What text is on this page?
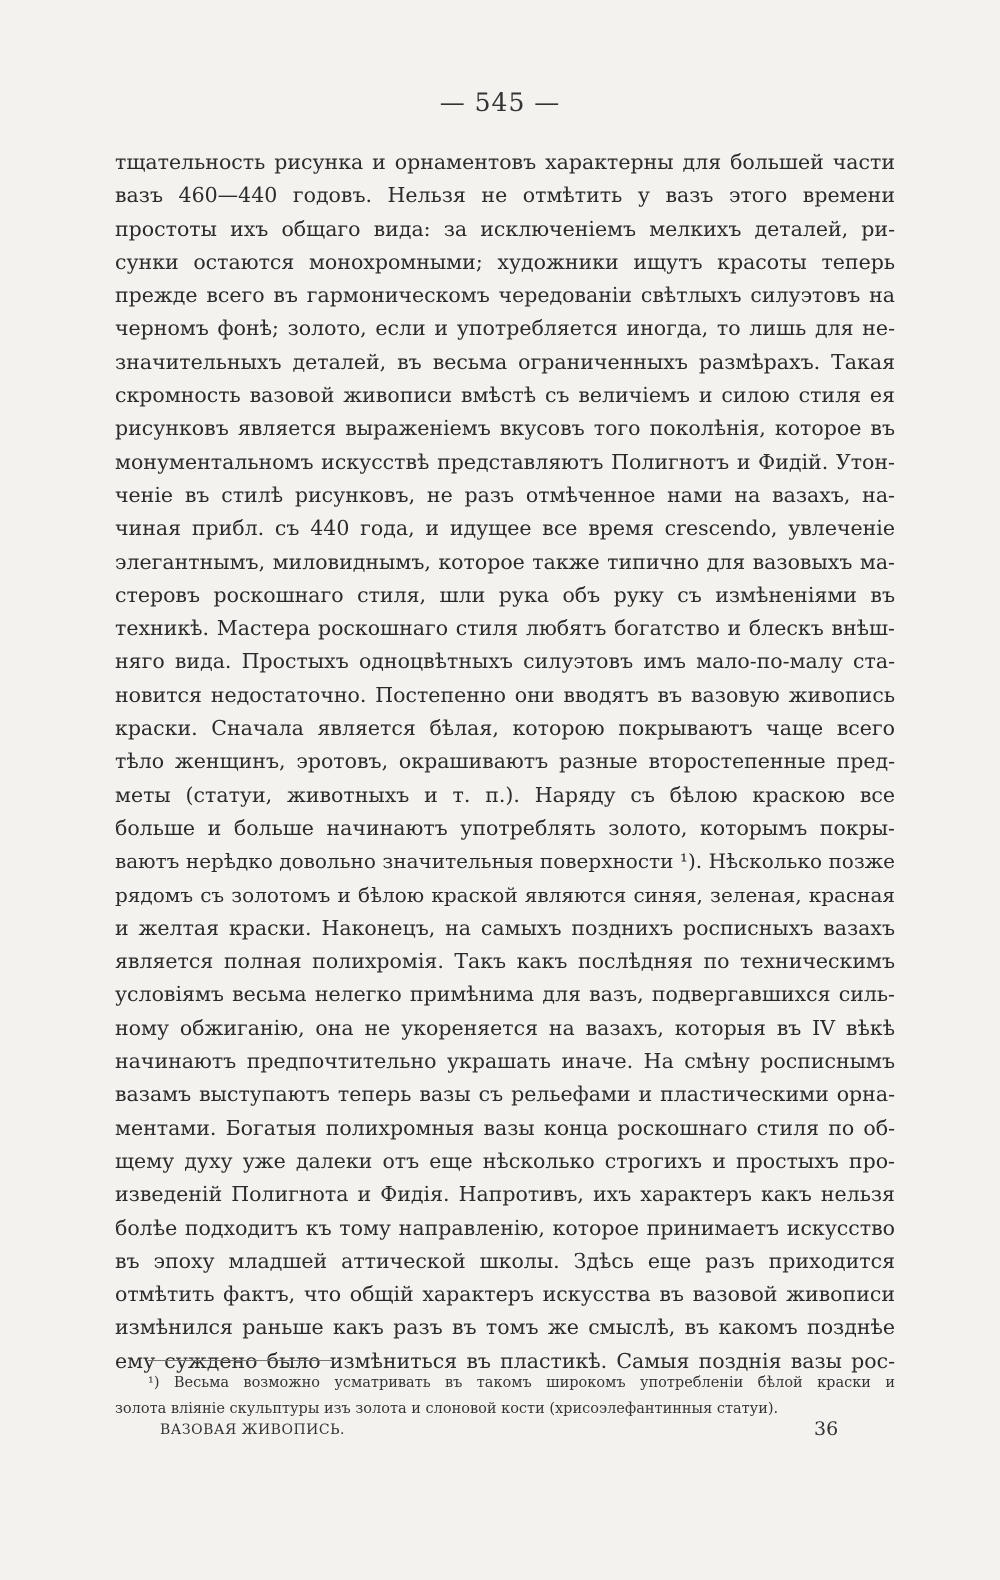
— 545 —
тщательность рисунка и орнаментовъ характерны для большей части
вазъ 460—440 годовъ. Нельзя не отмѣтить у вазъ этого времени
простоты ихъ общаго вида: за исключеніемъ мелкихъ деталей, ри-
сунки остаются монохромными; художники ищутъ красоты теперь
прежде всего въ гармоническомъ чередованіи свѣтлыхъ силуэтовъ на
черномъ фонѣ; золото, если и употребляется иногда, то лишь для не-
значительныхъ деталей, въ весьма ограниченныхъ размѣрахъ. Такая
скромность вазовой живописи вмѣстѣ съ величіемъ и силою стиля ея
рисунковъ является выраженіемъ вкусовъ того поколѣнія, которое въ
монументальномъ искусствѣ представляютъ Полигнотъ и Фидій. Утон-
ченіе въ стилѣ рисунковъ, не разъ отмѣченное нами на вазахъ, на-
чиная прибл. съ 440 года, и идущее все время crescendo, увлеченіе
элегантнымъ, миловиднымъ, которое также типично для вазовыхъ ма-
стеровъ роскошнаго стиля, шли рука объ руку съ измѣненіями въ
техникѣ. Мастера роскошнаго стиля любятъ богатство и блескъ внѣш-
няго вида. Простыхъ одноцвѣтныхъ силуэтовъ имъ мало-по-малу ста-
новится недостаточно. Постепенно они вводятъ въ вазовую живопись
краски. Сначала является бѣлая, которою покрываютъ чаще всего
тѣло женщинъ, эротовъ, окрашиваютъ разные второстепенные пред-
меты (статуи, животныхъ и т. п.). Наряду съ бѣлою краскою все
больше и больше начинаютъ употреблять золото, которымъ покры-
ваютъ нерѣдко довольно значительныя поверхности ¹). Нѣсколько позже
рядомъ съ золотомъ и бѣлою краской являются синяя, зеленая, красная
и желтая краски. Наконецъ, на самыхъ позднихъ росписныхъ вазахъ
является полная полихромія. Такъ какъ послѣдняя по техническимъ
условіямъ весьма нелегко примѣнима для вазъ, подвергавшихся силь-
ному обжиганію, она не укореняется на вазахъ, которыя въ IV вѣкѣ
начинаютъ предпочтительно украшать иначе. На смѣну росписнымъ
вазамъ выступаютъ теперь вазы съ рельефами и пластическими орна-
ментами. Богатыя полихромныя вазы конца роскошнаго стиля по об-
щему духу уже далеки отъ еще нѣсколько строгихъ и простыхъ про-
изведеній Полигнота и Фидія. Напротивъ, ихъ характеръ какъ нельзя
болѣе подходитъ къ тому направленію, которое принимаетъ искусство
въ эпоху младшей аттической школы. Здѣсь еще разъ приходится
отмѣтить фактъ, что общій характеръ искусства въ вазовой живописи
измѣнился раньше какъ разъ въ томъ же смыслѣ, въ какомъ позднѣе
ему суждено было измѣниться въ пластикѣ. Самыя позднія вазы рос-
¹) Весьма возможно усматривать въ такомъ широкомъ употребленіи бѣлой краски и
золота вліяніе скульптуры изъ золота и слоновой кости (хрисоэлефантинныя статуи).
ВАЗОВАЯ ЖИВОПИСЬ.	36
